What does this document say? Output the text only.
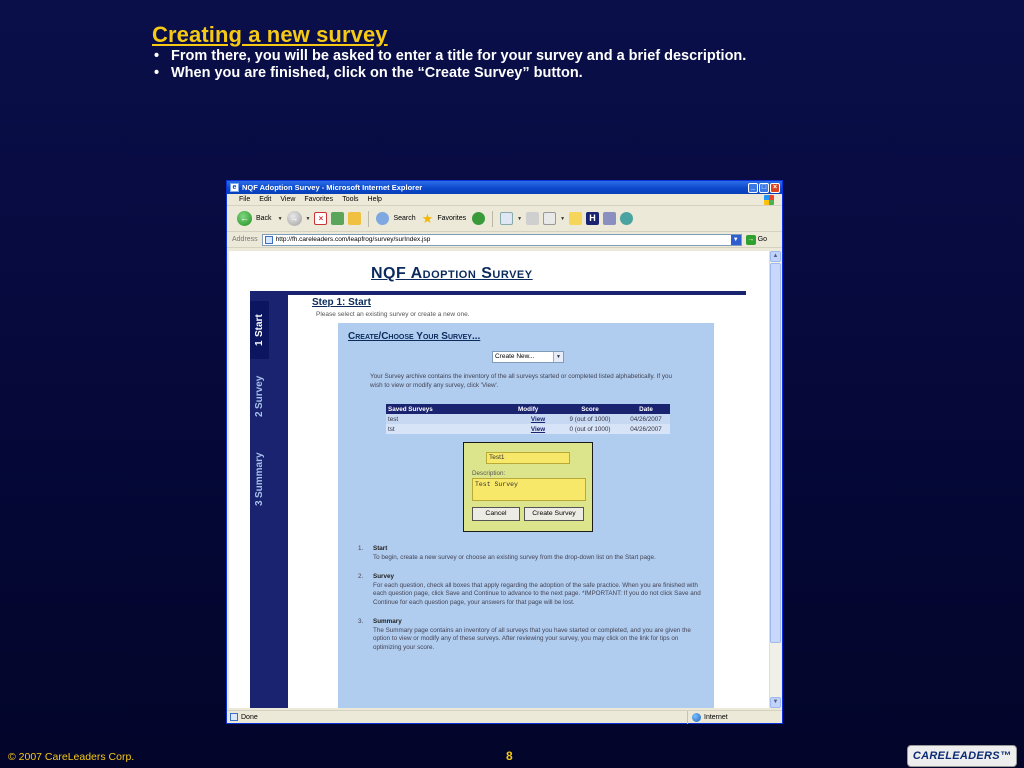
Creating a new survey
• From there, you will be asked to enter a title for your survey and a brief description.
• When you are finished, click on the “Create Survey” button.
e NQF Adoption Survey - Microsoft Internet Explorer	_ □ ×
File Edit View Favorites Tools Help
←	Back ▼ →	▼	×	Search ★ Favorites	▼	▼	H
Address	http://fh.careleaders.com/leapfrog/survey/surIndex.jsp	▼ → Go
NQF Adoption Survey
1

Start
2

Survey
3

Summary
Step 1: Start
Please select an existing survey or create a new one.
Create/Choose Your Survey...
Create New...	▼
Your Survey archive contains the inventory of the all surveys started or completed listed alphabetically. If you wish to view or modify any survey, click 'View'.
Saved Surveys	Modify	Score	Date
test	View	9 (out of 1000)	04/26/2007
tst	View	0 (out of 1000)	04/26/2007
Test1
Description:
Test Survey
Cancel	Create Survey
1. Start
To begin, create a new survey or choose an existing survey from the drop-down list on the Start page.
2. Survey
For each question, check all boxes that apply regarding the adoption of the safe practice. When you are finished with each question page, click Save and Continue to advance to the next page. *IMPORTANT: If you do not click Save and Continue for each question page, your answers for that page will be lost.
3. Summary
The Summary page contains an inventory of all surveys that you have started or completed, and you are given the option to view or modify any of these surveys. After reviewing your survey, you may click on the link for tips on optimizing your score.
▲
▼
Done	Internet
© 2007 CareLeaders Corp.	8	CARELEADERS™
